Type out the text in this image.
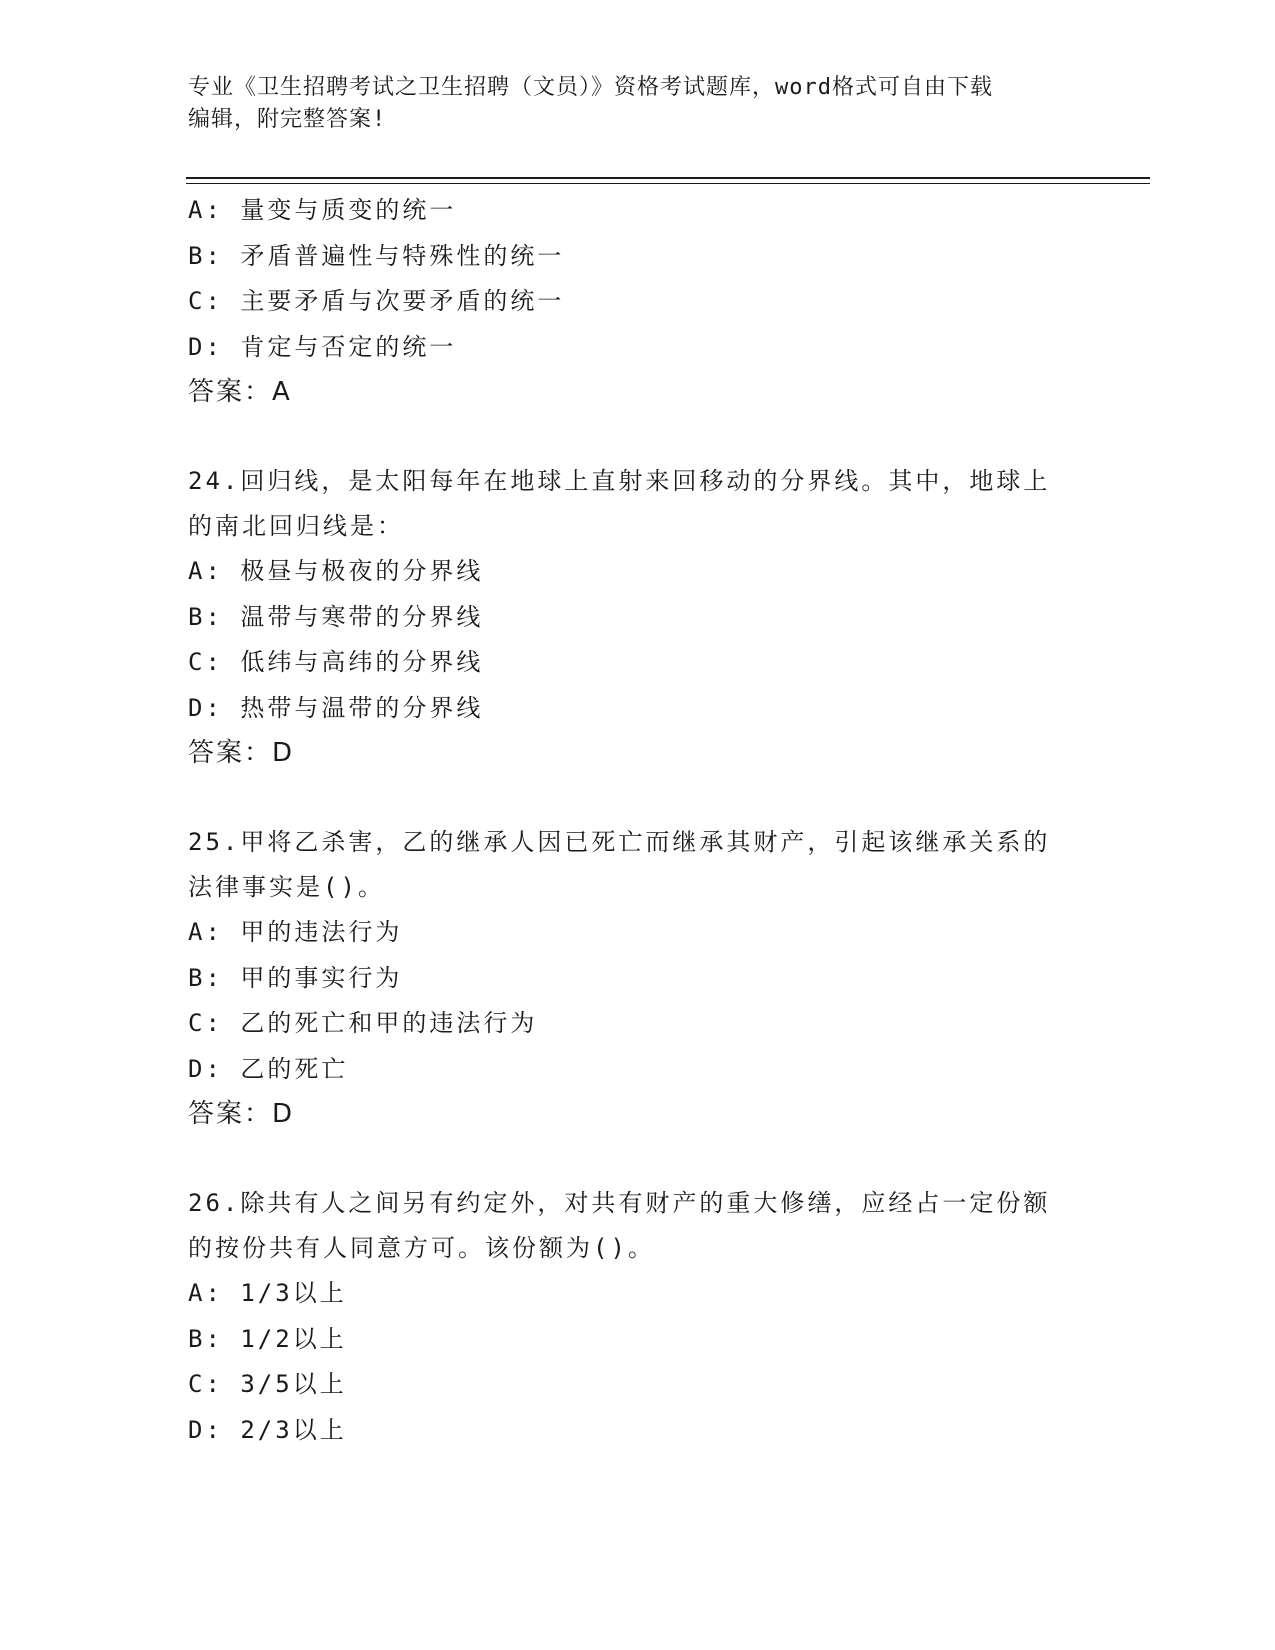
专业《卫生招聘考试之卫生招聘（文员）》资格考试题库，word格式可自由下载
编辑，附完整答案!
A: 量变与质变的统一
B: 矛盾普遍性与特殊性的统一
C: 主要矛盾与次要矛盾的统一
D: 肯定与否定的统一
答案：A
24.回归线，是太阳每年在地球上直射来回移动的分界线。其中，地球上的南北回归线是：
A: 极昼与极夜的分界线
B: 温带与寒带的分界线
C: 低纬与高纬的分界线
D: 热带与温带的分界线
答案：D
25.甲将乙杀害，乙的继承人因已死亡而继承其财产，引起该继承关系的法律事实是()。
A: 甲的违法行为
B: 甲的事实行为
C: 乙的死亡和甲的违法行为
D: 乙的死亡
答案：D
26.除共有人之间另有约定外，对共有财产的重大修缮，应经占一定份额的按份共有人同意方可。该份额为()。
A: 1/3以上
B: 1/2以上
C: 3/5以上
D: 2/3以上
